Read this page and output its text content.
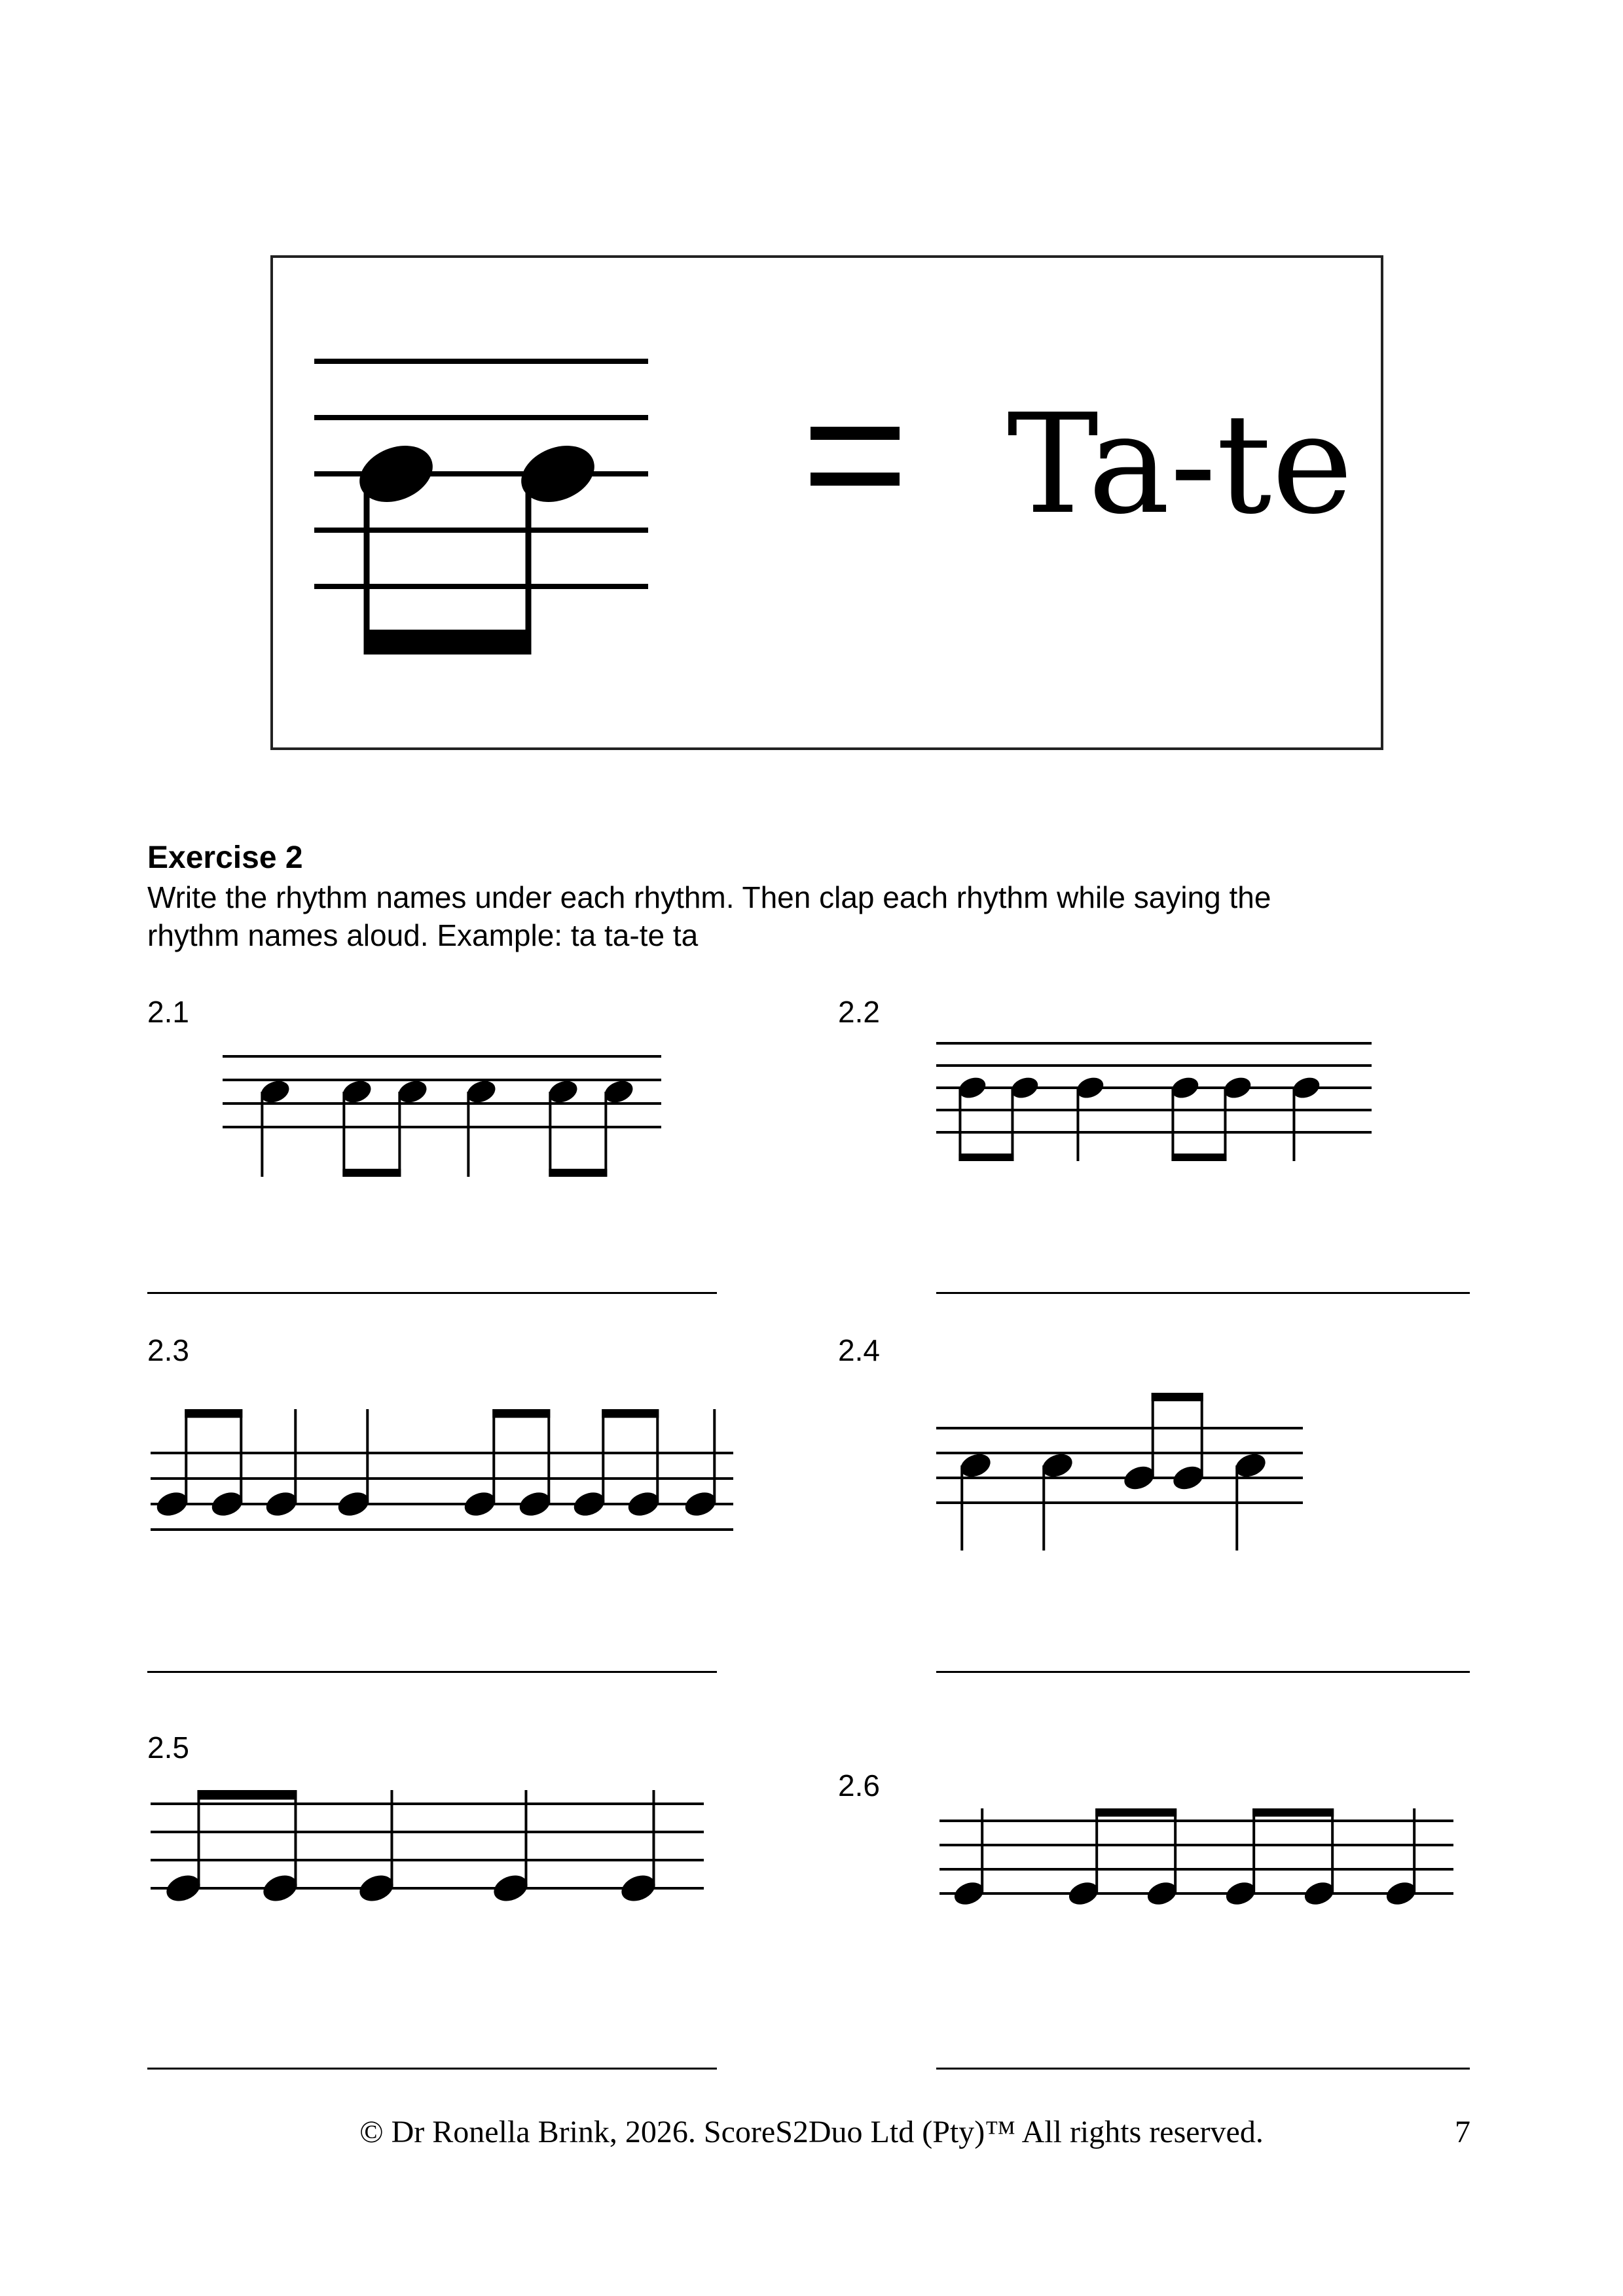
Ta-te
Exercise 2
Write the rhythm names under each rhythm. Then clap each rhythm while saying the
rhythm names aloud. Example: ta ta-te ta
2.1	2.2
2.3	2.4
2.5
2.6
© Dr Ronella Brink, 2026. ScoreS2Duo Ltd (Pty)™ All rights reserved.	7
